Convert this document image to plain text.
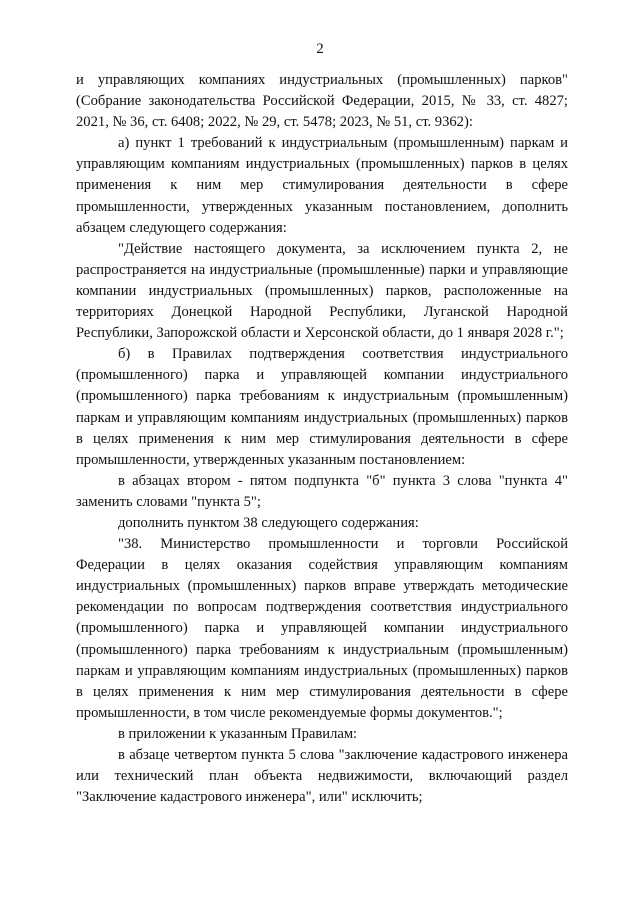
2

и управляющих компаниях индустриальных (промышленных) парков" (Собрание законодательства Российской Федерации, 2015, № 33, ст. 4827; 2021, № 36, ст. 6408; 2022, № 29, ст. 5478; 2023, № 51, ст. 9362):

а) пункт 1 требований к индустриальным (промышленным) паркам и управляющим компаниям индустриальных (промышленных) парков в целях применения к ним мер стимулирования деятельности в сфере промышленности, утвержденных указанным постановлением, дополнить абзацем следующего содержания:

"Действие настоящего документа, за исключением пункта 2, не распространяется на индустриальные (промышленные) парки и управляющие компании индустриальных (промышленных) парков, расположенные на территориях Донецкой Народной Республики, Луганской Народной Республики, Запорожской области и Херсонской области, до 1 января 2028 г.";

б) в Правилах подтверждения соответствия индустриального (промышленного) парка и управляющей компании индустриального (промышленного) парка требованиям к индустриальным (промышленным) паркам и управляющим компаниям индустриальных (промышленных) парков в целях применения к ним мер стимулирования деятельности в сфере промышленности, утвержденных указанным постановлением:

в абзацах втором - пятом подпункта "б" пункта 3 слова "пункта 4" заменить словами "пункта 5";

дополнить пунктом 38 следующего содержания:

"38. Министерство промышленности и торговли Российской Федерации в целях оказания содействия управляющим компаниям индустриальных (промышленных) парков вправе утверждать методические рекомендации по вопросам подтверждения соответствия индустриального (промышленного) парка и управляющей компании индустриального (промышленного) парка требованиям к индустриальным (промышленным) паркам и управляющим компаниям индустриальных (промышленных) парков в целях применения к ним мер стимулирования деятельности в сфере промышленности, в том числе рекомендуемые формы документов.";

в приложении к указанным Правилам:

в абзаце четвертом пункта 5 слова "заключение кадастрового инженера или технический план объекта недвижимости, включающий раздел "Заключение кадастрового инженера", или" исключить;
